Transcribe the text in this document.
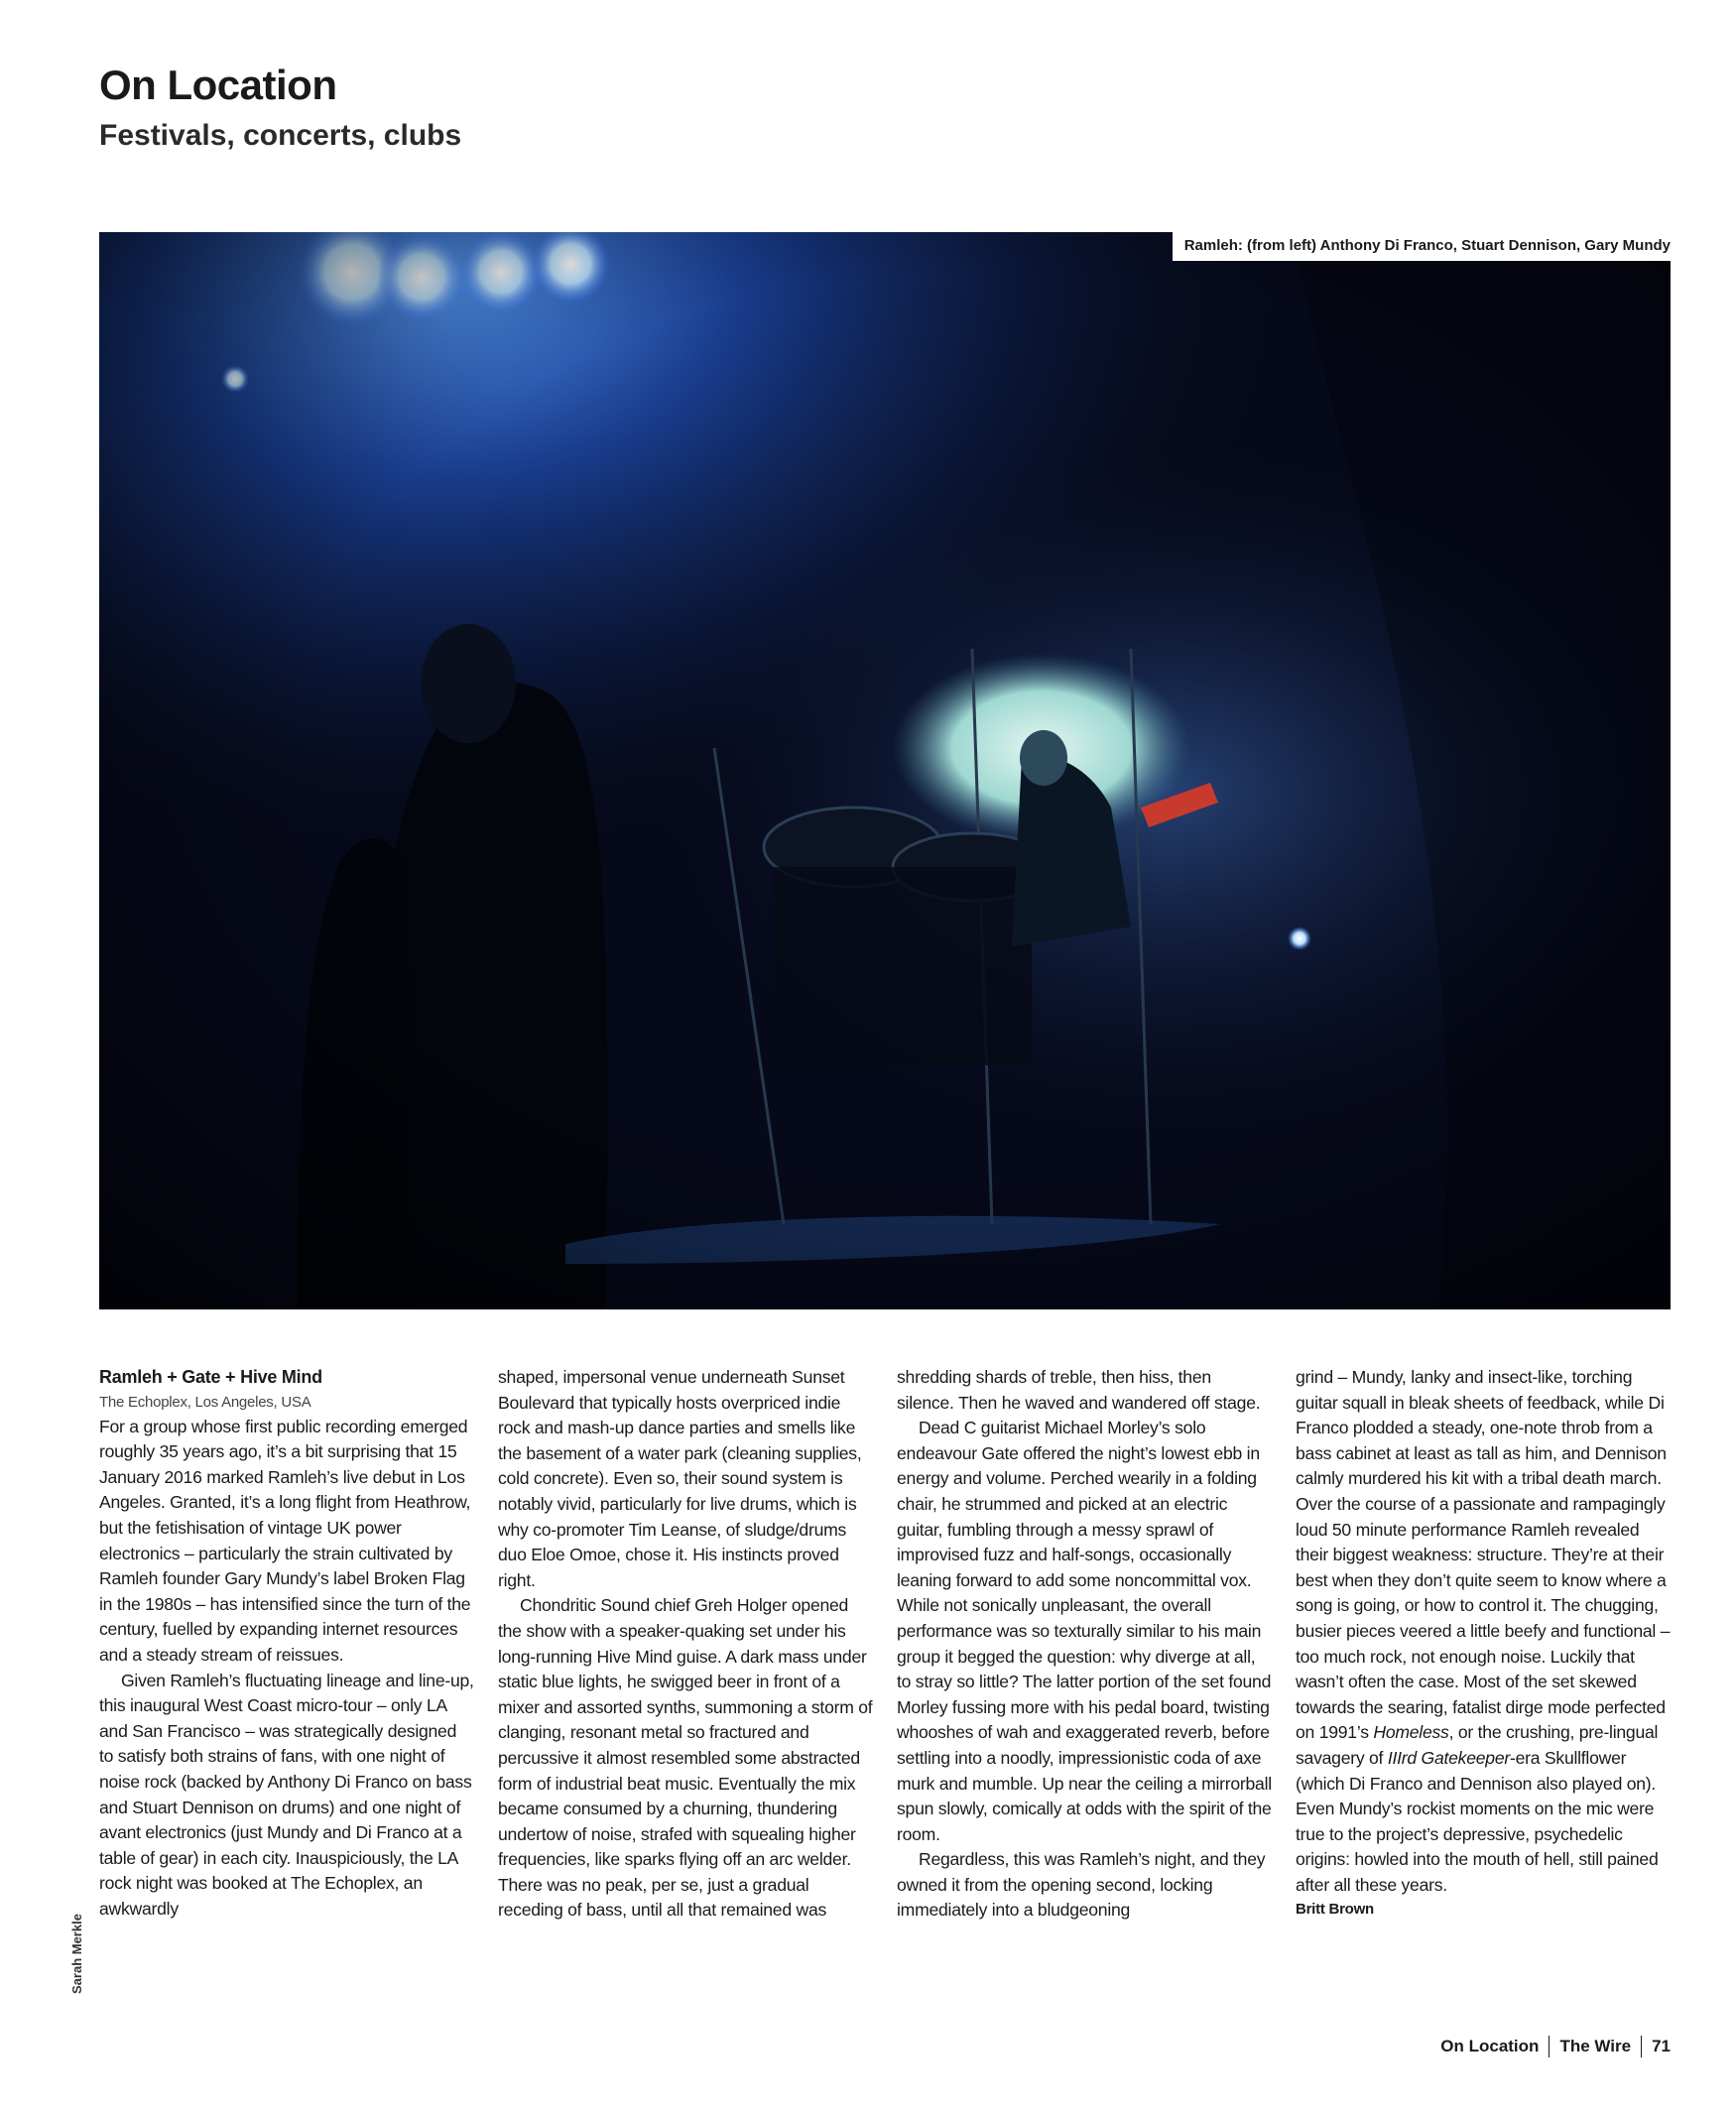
On Location
Festivals, concerts, clubs
Ramleh: (from left) Anthony Di Franco, Stuart Dennison, Gary Mundy
Sarah Merkle
Ramleh + Gate + Hive Mind
The Echoplex, Los Angeles, USA

For a group whose first public recording emerged roughly 35 years ago, it’s a bit surprising that 15 January 2016 marked Ramleh’s live debut in Los Angeles. Granted, it’s a long flight from Heathrow, but the fetishisation of vintage UK power electronics – particularly the strain cultivated by Ramleh founder Gary Mundy’s label Broken Flag in the 1980s – has intensified since the turn of the century, fuelled by expanding internet resources and a steady stream of reissues.

Given Ramleh’s fluctuating lineage and line-up, this inaugural West Coast micro-tour – only LA and San Francisco – was strategically designed to satisfy both strains of fans, with one night of noise rock (backed by Anthony Di Franco on bass and Stuart Dennison on drums) and one night of avant electronics (just Mundy and Di Franco at a table of gear) in each city. Inauspiciously, the LA rock night was booked at The Echoplex, an awkwardly

shaped, impersonal venue underneath Sunset Boulevard that typically hosts overpriced indie rock and mash-up dance parties and smells like the basement of a water park (cleaning supplies, cold concrete). Even so, their sound system is notably vivid, particularly for live drums, which is why co-promoter Tim Leanse, of sludge/drums duo Eloe Omoe, chose it. His instincts proved right.

Chondritic Sound chief Greh Holger opened the show with a speaker-quaking set under his long-running Hive Mind guise. A dark mass under static blue lights, he swigged beer in front of a mixer and assorted synths, summoning a storm of clanging, resonant metal so fractured and percussive it almost resembled some abstracted form of industrial beat music. Eventually the mix became consumed by a churning, thundering undertow of noise, strafed with squealing higher frequencies, like sparks flying off an arc welder. There was no peak, per se, just a gradual receding of bass, until all that remained was

shredding shards of treble, then hiss, then silence. Then he waved and wandered off stage.

Dead C guitarist Michael Morley’s solo endeavour Gate offered the night’s lowest ebb in energy and volume. Perched wearily in a folding chair, he strummed and picked at an electric guitar, fumbling through a messy sprawl of improvised fuzz and half-songs, occasionally leaning forward to add some noncommittal vox. While not sonically unpleasant, the overall performance was so texturally similar to his main group it begged the question: why diverge at all, to stray so little? The latter portion of the set found Morley fussing more with his pedal board, twisting whooshes of wah and exaggerated reverb, before settling into a noodly, impressionistic coda of axe murk and mumble. Up near the ceiling a mirrorball spun slowly, comically at odds with the spirit of the room.

Regardless, this was Ramleh’s night, and they owned it from the opening second, locking immediately into a bludgeoning

grind – Mundy, lanky and insect-like, torching guitar squall in bleak sheets of feedback, while Di Franco plodded a steady, one-note throb from a bass cabinet at least as tall as him, and Dennison calmly murdered his kit with a tribal death march. Over the course of a passionate and rampagingly loud 50 minute performance Ramleh revealed their biggest weakness: structure. They’re at their best when they don’t quite seem to know where a song is going, or how to control it. The chugging, busier pieces veered a little beefy and functional – too much rock, not enough noise. Luckily that wasn’t often the case. Most of the set skewed towards the searing, fatalist dirge mode perfected on 1991’s Homeless, or the crushing, pre-lingual savagery of IIIrd Gatekeeper-era Skullflower (which Di Franco and Dennison also played on). Even Mundy’s rockist moments on the mic were true to the project’s depressive, psychedelic origins: howled into the mouth of hell, still pained after all these years.

Britt Brown
On Location The Wire 71
